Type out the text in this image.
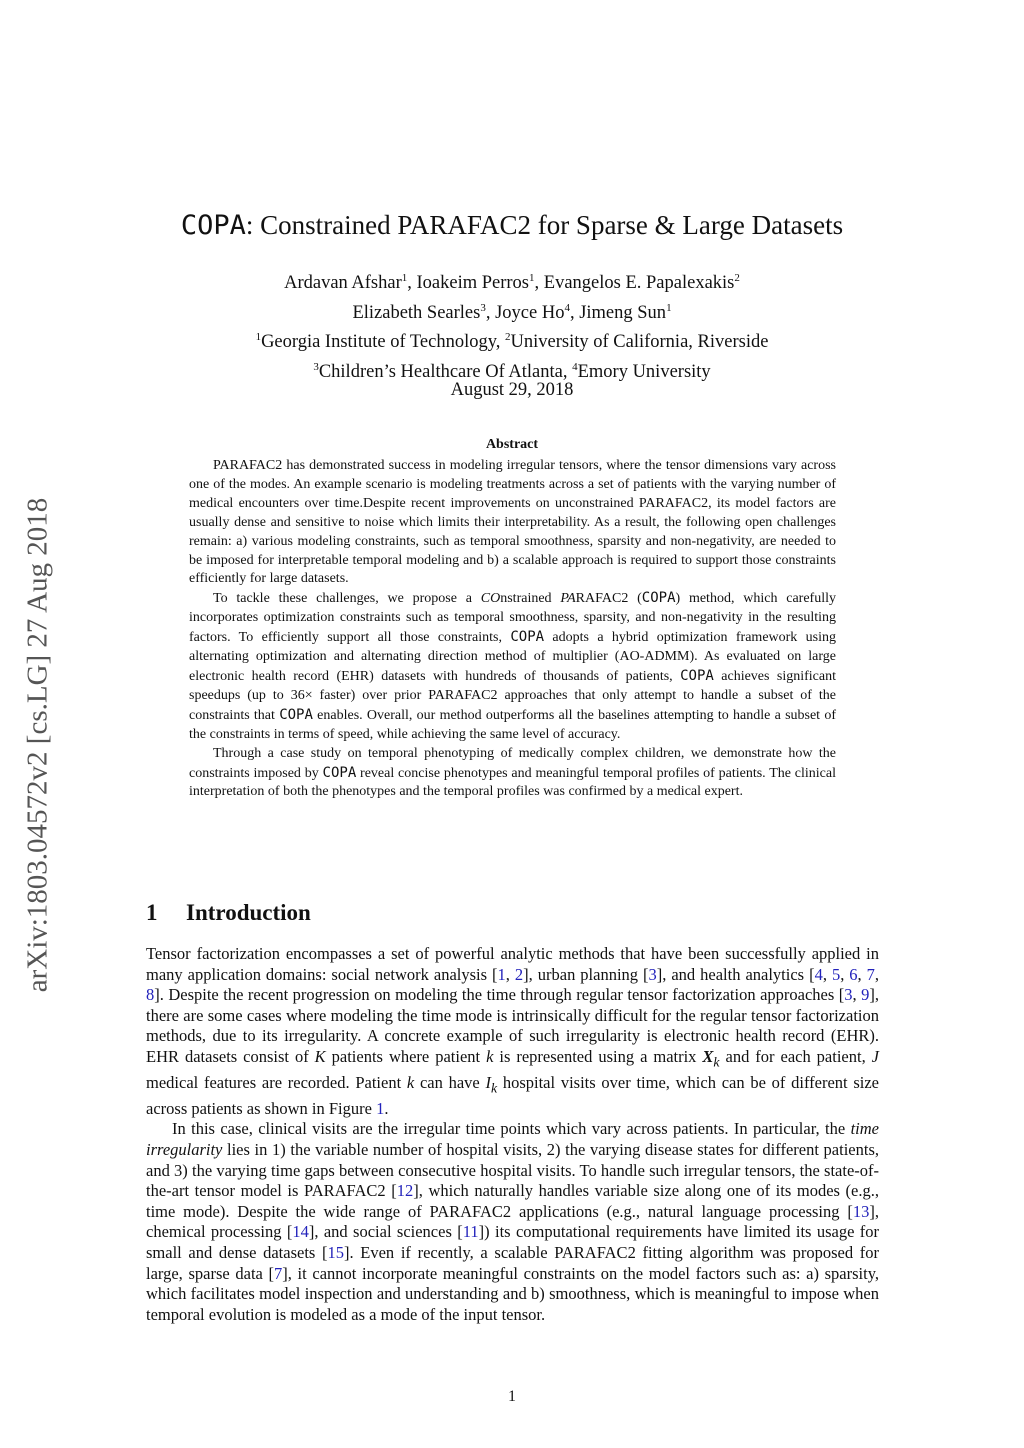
arXiv:1803.04572v2 [cs.LG] 27 Aug 2018
COPA: Constrained PARAFAC2 for Sparse & Large Datasets
Ardavan Afshar$^1$, Ioakeim Perros$^1$, Evangelos E. Papalexakis$^2$
Elizabeth Searles$^3$, Joyce Ho$^4$, Jimeng Sun$^1$
$^1$Georgia Institute of Technology, $^2$University of California, Riverside
$^3$Children’s Healthcare Of Atlanta, $^4$Emory University
August 29, 2018
Abstract

PARAFAC2 has demonstrated success in modeling irregular tensors, where the tensor dimensions vary across one of the modes. An example scenario is modeling treatments across a set of patients with the varying number of medical encounters over time.Despite recent improvements on unconstrained PARAFAC2, its model factors are usually dense and sensitive to noise which limits their interpretability. As a result, the following open challenges remain: a) various modeling constraints, such as temporal smoothness, sparsity and non-negativity, are needed to be imposed for interpretable temporal modeling and b) a scalable approach is required to support those constraints efficiently for large datasets.

To tackle these challenges, we propose a COnstrained PARAFAC2 (COPA) method, which carefully incorporates optimization constraints such as temporal smoothness, sparsity, and non-negativity in the resulting factors. To efficiently support all those constraints, COPA adopts a hybrid optimization framework using alternating optimization and alternating direction method of multiplier (AO-ADMM). As evaluated on large electronic health record (EHR) datasets with hundreds of thousands of patients, COPA achieves significant speedups (up to 36× faster) over prior PARAFAC2 approaches that only attempt to handle a subset of the constraints that COPA enables. Overall, our method outperforms all the baselines attempting to handle a subset of the constraints in terms of speed, while achieving the same level of accuracy.

Through a case study on temporal phenotyping of medically complex children, we demonstrate how the constraints imposed by COPA reveal concise phenotypes and meaningful temporal profiles of patients. The clinical interpretation of both the phenotypes and the temporal profiles was confirmed by a medical expert.

1 Introduction

Tensor factorization encompasses a set of powerful analytic methods that have been successfully applied in many application domains: social network analysis [1, 2], urban planning [3], and health analytics [4, 5, 6, 7, 8]. Despite the recent progression on modeling the time through regular tensor factorization approaches [3, 9], there are some cases where modeling the time mode is intrinsically difficult for the regular tensor factorization methods, due to its irregularity. A concrete example of such irregularity is electronic health record (EHR). EHR datasets consist of K patients where patient k is represented using a matrix $X_k$ and for each patient, J medical features are recorded. Patient k can have $I_k$ hospital visits over time, which can be of different size across patients as shown in Figure 1.

In this case, clinical visits are the irregular time points which vary across patients. In particular, the time irregularity lies in 1) the variable number of hospital visits, 2) the varying disease states for different patients, and 3) the varying time gaps between consecutive hospital visits. To handle such irregular tensors, the state-of-the-art tensor model is PARAFAC2 [12], which naturally handles variable size along one of its modes (e.g., time mode). Despite the wide range of PARAFAC2 applications (e.g., natural language processing [13], chemical processing [14], and social sciences [11]) its computational requirements have limited its usage for small and dense datasets [15]. Even if recently, a scalable PARAFAC2 fitting algorithm was proposed for large, sparse data [7], it cannot incorporate meaningful constraints on the model factors such as: a) sparsity, which facilitates model inspection and understanding and b) smoothness, which is meaningful to impose when temporal evolution is modeled as a mode of the input tensor.

1
